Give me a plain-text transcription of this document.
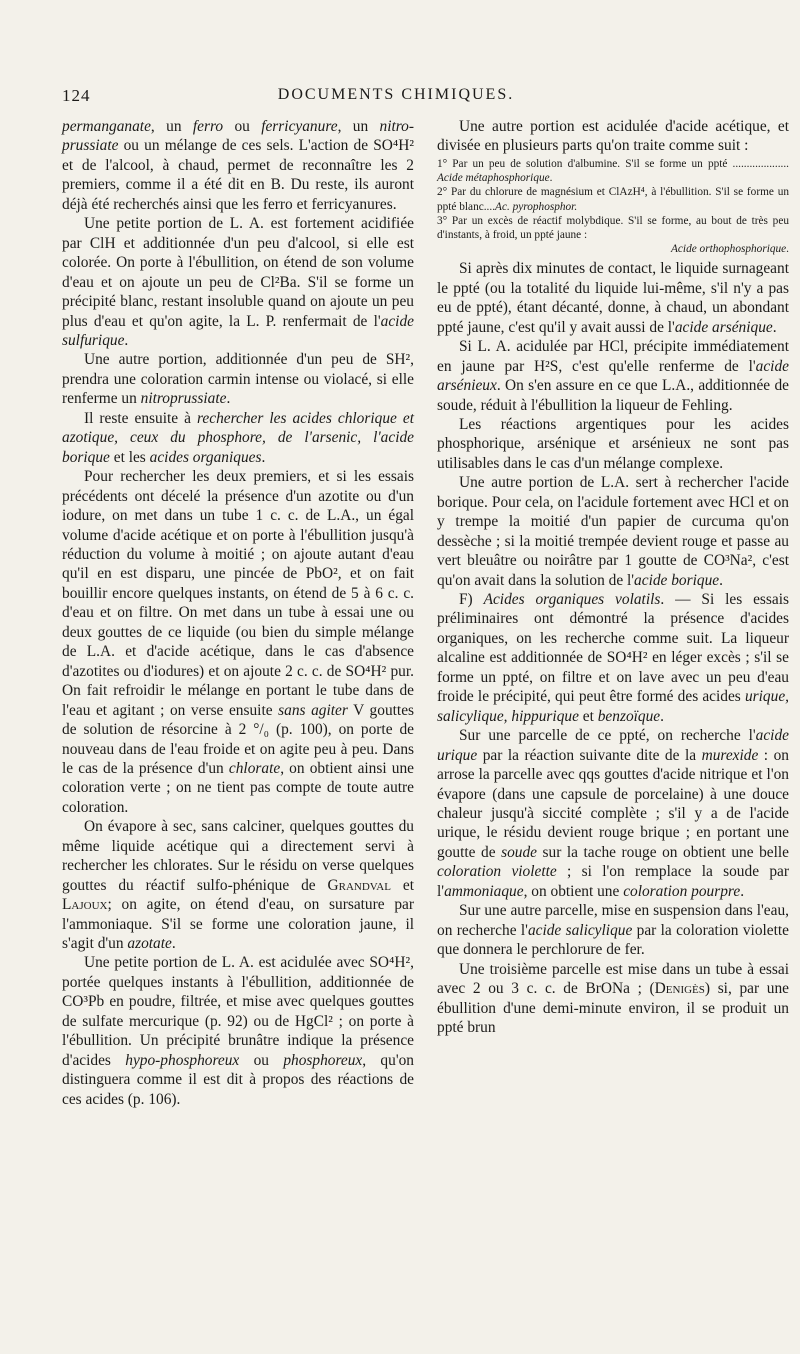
124	DOCUMENTS CHIMIQUES.

permanganate, un ferro ou ferricyanure, un nitro-prussiate ou un mélange de ces sels. L'action de SO⁴H² et de l'alcool, à chaud, permet de reconnaître les 2 premiers, comme il a été dit en B. Du reste, ils auront déjà été recherchés ainsi que les ferro et ferricyanures.

Une petite portion de L. A. est fortement acidifiée par ClH et additionnée d'un peu d'alcool, si elle est colorée. On porte à l'ébullition, on étend de son volume d'eau et on ajoute un peu de Cl²Ba. S'il se forme un précipité blanc, restant insoluble quand on ajoute un peu plus d'eau et qu'on agite, la L. P. renfermait de l'acide sulfurique.

Une autre portion, additionnée d'un peu de SH², prendra une coloration carmin intense ou violacé, si elle renferme un nitroprussiate.

Il reste ensuite à rechercher les acides chlorique et azotique, ceux du phosphore, de l'arsenic, l'acide borique et les acides organiques.

Pour rechercher les deux premiers, et si les essais précédents ont décelé la présence d'un azotite ou d'un iodure, on met dans un tube 1 c. c. de L.A., un égal volume d'acide acétique et on porte à l'ébullition jusqu'à réduction du volume à moitié ; on ajoute autant d'eau qu'il en est disparu, une pincée de PbO², et on fait bouillir encore quelques instants, on étend de 5 à 6 c. c. d'eau et on filtre. On met dans un tube à essai une ou deux gouttes de ce liquide (ou bien du simple mélange de L.A. et d'acide acétique, dans le cas d'absence d'azotites ou d'iodures) et on ajoute 2 c. c. de SO⁴H² pur. On fait refroidir le mélange en portant le tube dans de l'eau et agitant ; on verse ensuite sans agiter V gouttes de solution de résorcine à 2 °/₀ (p. 100), on porte de nouveau dans de l'eau froide et on agite peu à peu. Dans le cas de la présence d'un chlorate, on obtient ainsi une coloration verte ; on ne tient pas compte de toute autre coloration.

On évapore à sec, sans calciner, quelques gouttes du même liquide acétique qui a directement servi à rechercher les chlorates. Sur le résidu on verse quelques gouttes du réactif sulfo-phénique de Grandval et Lajoux; on agite, on étend d'eau, on sursature par l'ammoniaque. S'il se forme une coloration jaune, il s'agit d'un azotate.

Une petite portion de L. A. est acidulée avec SO⁴H², portée quelques instants à l'ébullition, additionnée de CO³Pb en poudre, filtrée, et mise avec quelques gouttes de sulfate mercurique (p. 92) ou de HgCl² ; on porte à l'ébullition. Un précipité brunâtre indique la présence d'acides hypo-phosphoreux ou phosphoreux, qu'on distinguera comme il est dit à propos des réactions de ces acides (p. 106).

Une autre portion est acidulée d'acide acétique, et divisée en plusieurs parts qu'on traite comme suit :

1° Par un peu de solution d'albumine. S'il se forme un ppté .................... Acide métaphosphorique.
2° Par du chlorure de magnésium et ClAzH⁴, à l'ébullition. S'il se forme un ppté blanc....Ac. pyrophosphor.
3° Par un excès de réactif molybdique. S'il se forme, au bout de très peu d'instants, à froid, un ppté jaune :
Acide orthophosphorique.

Si après dix minutes de contact, le liquide surnageant le ppté (ou la totalité du liquide lui-même, s'il n'y a pas eu de ppté), étant décanté, donne, à chaud, un abondant ppté jaune, c'est qu'il y avait aussi de l'acide arsénique.

Si L. A. acidulée par HCl, précipite immédiatement en jaune par H²S, c'est qu'elle renferme de l'acide arsénieux. On s'en assure en ce que L.A., additionnée de soude, réduit à l'ébullition la liqueur de Fehling.

Les réactions argentiques pour les acides phosphorique, arsénique et arsénieux ne sont pas utilisables dans le cas d'un mélange complexe.

Une autre portion de L.A. sert à rechercher l'acide borique. Pour cela, on l'acidule fortement avec HCl et on y trempe la moitié d'un papier de curcuma qu'on dessèche ; si la moitié trempée devient rouge et passe au vert bleuâtre ou noirâtre par 1 goutte de CO³Na², c'est qu'on avait dans la solution de l'acide borique.

F) Acides organiques volatils. — Si les essais préliminaires ont démontré la présence d'acides organiques, on les recherche comme suit. La liqueur alcaline est additionnée de SO⁴H² en léger excès ; s'il se forme un ppté, on filtre et on lave avec un peu d'eau froide le précipité, qui peut être formé des acides urique, salicylique, hippurique et benzoïque.

Sur une parcelle de ce ppté, on recherche l'acide urique par la réaction suivante dite de la murexide : on arrose la parcelle avec qqs gouttes d'acide nitrique et l'on évapore (dans une capsule de porcelaine) à une douce chaleur jusqu'à siccité complète ; s'il y a de l'acide urique, le résidu devient rouge brique ; en portant une goutte de soude sur la tache rouge on obtient une belle coloration violette ; si l'on remplace la soude par l'ammoniaque, on obtient une coloration pourpre.

Sur une autre parcelle, mise en suspension dans l'eau, on recherche l'acide salicylique par la coloration violette que donnera le perchlorure de fer.

Une troisième parcelle est mise dans un tube à essai avec 2 ou 3 c. c. de BrONa ; (Denigès) si, par une ébullition d'une demi-minute environ, il se produit un ppté brun
